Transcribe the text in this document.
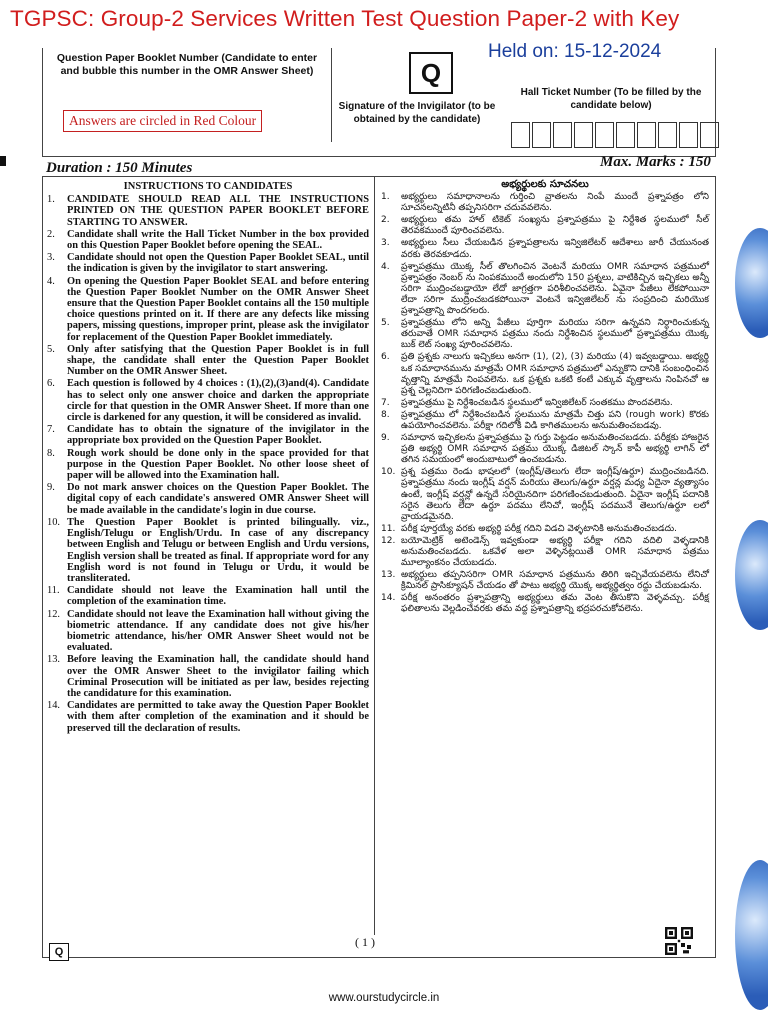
TGPSC: Group-2 Services Written Test Question Paper-2 with Key
Held on: 15-12-2024
Question Paper Booklet Number (Candidate to enter and bubble this number in the OMR Answer Sheet)
Answers are circled in Red Colour
Q
Signature of the Invigilator (to be obtained by the candidate)
Hall Ticket Number (To be filled by the candidate below)
Duration : 150 Minutes	Max. Marks : 150
INSTRUCTIONS TO CANDIDATES
1.	CANDIDATE SHOULD READ ALL THE INSTRUCTIONS PRINTED ON THE QUESTION PAPER BOOKLET BEFORE STARTING TO ANSWER.
2.	Candidate shall write the Hall Ticket Number in the box provided on this Question Paper Booklet before opening the SEAL.
3.	Candidate should not open the Question Paper Booklet SEAL, until the indication is given by the invigilator to start answering.
4.	On opening the Question Paper Booklet SEAL and before entering the Question Paper Booklet Number on the OMR Answer Sheet ensure that the Question Paper Booklet contains all the 150 multiple choice questions printed on it. If there are any defects like missing papers, missing questions, improper print, please ask the invigilator for replacement of the Question Paper Booklet immediately.
5.	Only after satisfying that the Question Paper Booklet is in full shape, the candidate shall enter the Question Paper Booklet Number on the OMR Answer Sheet.
6.	Each question is followed by 4 choices : (1),(2),(3)and(4). Candidate has to select only one answer choice and darken the appropriate circle for that question in the OMR Answer Sheet. If more than one circle is darkened for any question, it will be considered as invalid.
7.	Candidate has to obtain the signature of the invigilator in the appropriate box provided on the Question Paper Booklet.
8.	Rough work should be done only in the space provided for that purpose in the Question Paper Booklet. No other loose sheet of paper will be allowed into the Examination hall.
9.	Do not mark answer choices on the Question Paper Booklet. The digital copy of each candidate's answered OMR Answer Sheet will be made available in the candidate's login in due course.
10. The Question Paper Booklet is printed bilingually. viz., English/Telugu or English/Urdu. In case of any discrepancy between English and Telugu or between English and Urdu versions, English version shall be treated as final. If appropriate word for any English word is not found in Telugu or Urdu, it would be transliterated.
11. Candidate should not leave the Examination hall until the completion of the examination time.
12. Candidate should not leave the Examination hall without giving the biometric attendance. If any candidate does not give his/her biometric attendance, his/her OMR Answer Sheet would not be evaluated.
13. Before leaving the Examination hall, the candidate should hand over the OMR Answer Sheet to the invigilator failing which Criminal Prosecution will be initiated as per law, besides rejecting the candidature for this examination.
14. Candidates are permitted to take away the Question Paper Booklet with them after completion of the examination and it should be preserved till the declaration of results.
అభ్యర్థులకు సూచనలు
1.	అభ్యర్థులు సమాధానాలను గుర్తించి వ్రాతలను నింపే ముందే ప్రశ్నాపత్రం లోని సూచనలన్నిటినీ తప్పనిసరిగా చదువవలెను.
2.	అభ్యర్థులు తమ హాల్ టికెట్ సంఖ్యను ప్రశ్నాపత్రము పై నిర్దేశిత స్థలములో సీల్ తెరవకముందే పూరించవలెను.
3.	అభ్యర్థులు సీలు చేయబడిన ప్రశ్నాపత్రాలను ఇన్విజిలేటర్ ఆదేశాలు జారీ చేయునంత వరకు తెరవకూడదు.
4.	ప్రశ్నాపత్రము యొక్క సీల్ తొలగించిన వెంటనే మరియు OMR సమాధాన పత్రములో ప్రశ్నాపత్రం నెంబర్ ను నింపకముందే అందులోని 150 ప్రశ్నలు, వాటికిచ్చిన ఇచ్చికలు అన్నీ సరిగా ముద్రించబడ్డాయో లేదో జాగ్రత్తగా పరిశీలించవలెను. ఏవైనా పేజీలు లేకపోయినా లేదా సరిగా ముద్రించబడకపోయినా వెంటనే ఇన్విజిలేటర్ ను సంప్రదించి మరియొక ప్రశ్నాపత్రాన్ని పొందగలరు.
5.	ప్రశ్నాపత్రము లోని అన్ని పేజీలు పూర్తిగా మరియు సరిగా ఉన్నవని నిర్ధారించుకున్న తరువాతే OMR సమాధాన పత్రము నందు నిర్దేశించిన స్థలములో ప్రశ్నాపత్రము యొక్క బుక్ లెట్ సంఖ్య పూరించవలెను.
6.	ప్రతి ప్రశ్నకు నాలుగు ఇచ్చికలు అనగా (1), (2), (3) మరియు (4) ఇవ్వబడ్డాయి. అభ్యర్థి ఒక సమాధానమును మాత్రమే OMR సమాధాన పత్రములో ఎన్నుకొని దానికి సంబంధించిన వృత్తాన్ని మాత్రమే నింపవలెను. ఒక ప్రశ్నకు ఒకటి కంటే ఎక్కువ వృత్తాలను నింపినచో ఆ ప్రశ్న చెల్లనిదిగా పరిగణించబడుతుంది.
7.	ప్రశ్నాపత్రము పై నిర్దేశించబడిన స్థలములో ఇన్విజిలేటర్ సంతకము పొందవలెను.
8.	ప్రశ్నాపత్రము లో నిర్దేశించబడిన స్థలమును మాత్రమే చిత్తు పని (rough work) కొరకు ఉపయోగించవలెను. పరీక్షా గదిలోకి విడి కాగితములను అనుమతించబడవు.
9.	సమాధాన ఇచ్చికలను ప్రశ్నాపత్రము పై గుర్తు పెట్టడం అనుమతించబడదు. పరీక్షకు హాజరైన ప్రతి అభ్యర్థి OMR సమాధాన పత్రము యొక్క డిజిటల్ స్కాన్ కాపీ అభ్యర్థి లాగిన్ లో తగిన సమయంలో అందుబాటులో ఉంచబడును.
10. ప్రశ్న పత్రము రెండు భాషలలో (ఇంగ్లీష్/తెలుగు లేదా ఇంగ్లీష్/ఉర్దూ) ముద్రించబడినది. ప్రశ్నాపత్రము నందు ఇంగ్లీష్ వర్షన్ మరియు తెలుగు/ఉర్దూ వర్షన్ల మధ్య ఏదైనా వ్యత్యాసం ఉంటే, ఇంగ్లీష్ వర్షన్లో ఉన్నదే సరియైనదిగా పరిగణించబడుతుంది. ఏదైనా ఇంగ్లీష్ పదానికి సరైన తెలుగు లేదా ఉర్దూ పదము లేనిచో, ఇంగ్లీష్ పదమునే తెలుగు/ఉర్దూ లలో వ్రాయడమైనది.
11. పరీక్ష పూర్తయ్యే వరకు అభ్యర్థి పరీక్ష గదిని విడచి వెళ్ళటానికి అనుమతించబడదు.
12. బయోమెట్రిక్ అటెండెన్స్ ఇవ్వకుండా అభ్యర్థి పరీక్షా గదిని వదిలి వెళ్ళడానికి అనుమతించబడదు. ఒకవేళ అలా వెళ్ళినట్లయితే OMR సమాధాన పత్రము మూల్యాంకనం చేయబడదు.
13. అభ్యర్థులు తప్పనిసరిగా OMR సమాధాన పత్రమును తిరిగి ఇచ్చివేయవలెను లేనిచో క్రిమినల్ ప్రాసిక్యూషన్ చేయడం తో పాటు అభ్యర్థి యొక్క అభ్యర్థిత్వం రద్దు చేయబడును.
14. పరీక్ష అనంతరం ప్రశ్నాపత్రాన్ని అభ్యర్థులు తమ వెంట తీసుకొని వెళ్ళవచ్చు. పరీక్ష ఫలితాలను వెల్లడించేవరకు తమ వద్ద ప్రశ్నాపత్రాన్ని భద్రపరచుకోవలెను.
( 1 )
Q
www.ourstudycircle.in
